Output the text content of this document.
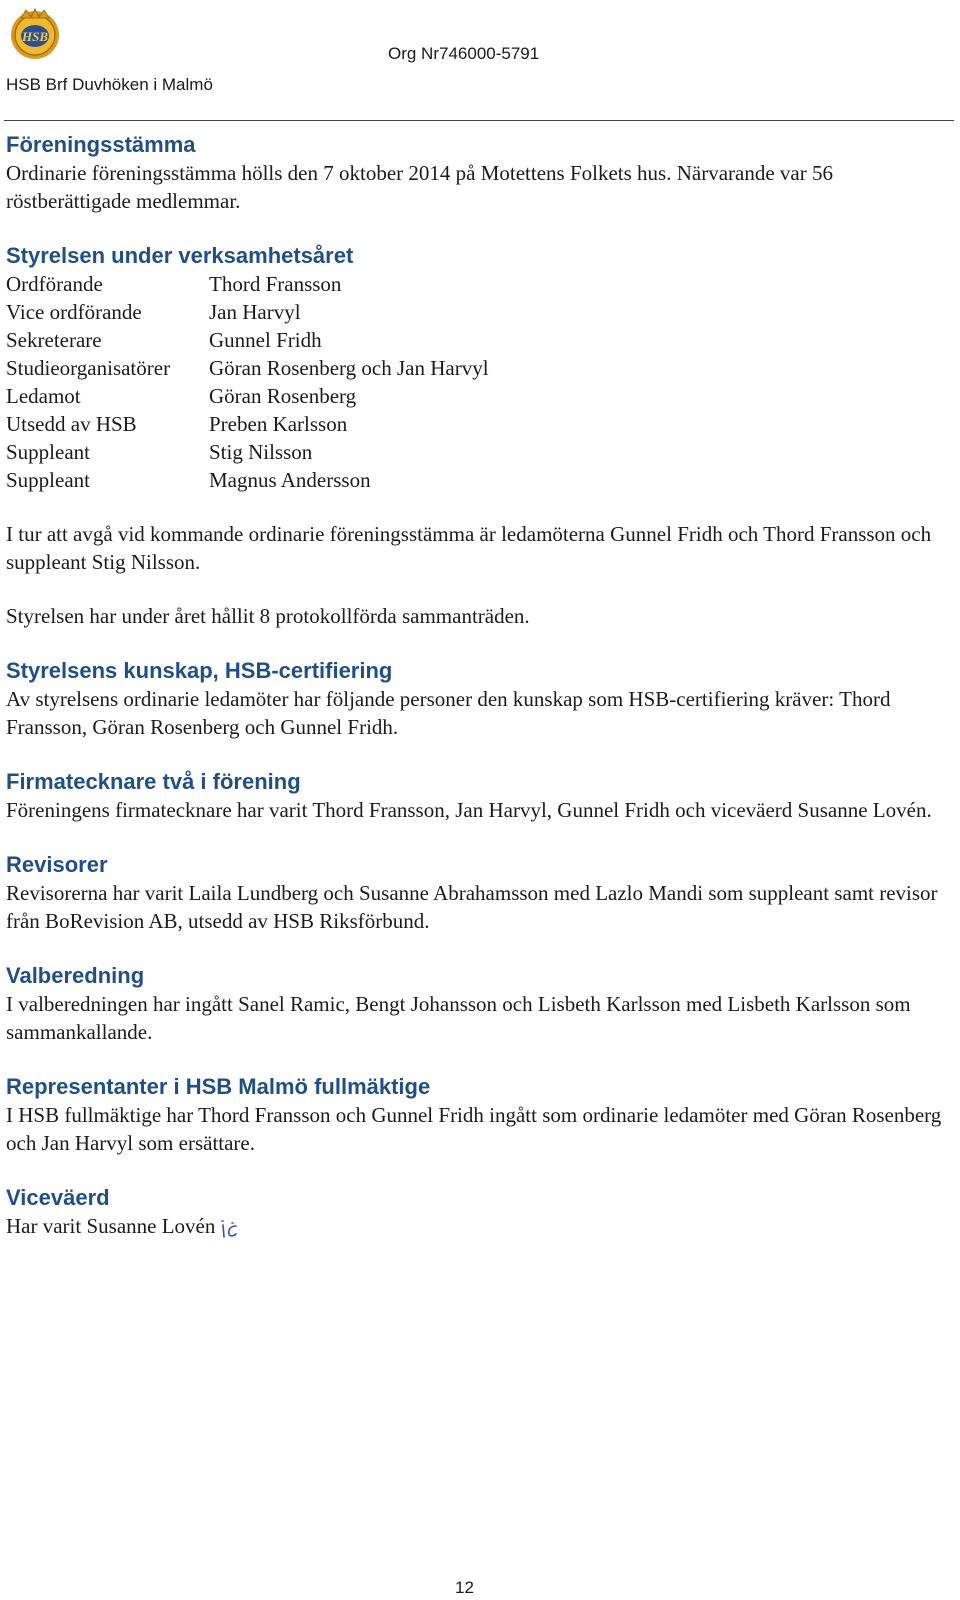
HSB
HSB Brf Duvhöken i Malmö
Org Nr746000-5791
Föreningsstämma

Ordinarie föreningsstämma hölls den 7 oktober 2014 på Motettens Folkets hus. Närvarande var 56 röstberättigade medlemmar.

Styrelsen under verksamhetsåret
Ordförande	Thord Fransson
Vice ordförande	Jan Harvyl
Sekreterare	Gunnel Fridh
Studieorganisatörer	Göran Rosenberg och Jan Harvyl
Ledamot	Göran Rosenberg
Utsedd av HSB	Preben Karlsson
Suppleant	Stig Nilsson
Suppleant	Magnus Andersson

I tur att avgå vid kommande ordinarie föreningsstämma är ledamöterna Gunnel Fridh och Thord Fransson och suppleant Stig Nilsson.

Styrelsen har under året hållit 8 protokollförda sammanträden.

Styrelsens kunskap, HSB-certifiering

Av styrelsens ordinarie ledamöter har följande personer den kunskap som HSB-certifiering kräver: Thord Fransson, Göran Rosenberg och Gunnel Fridh.

Firmatecknare två i förening

Föreningens firmatecknare har varit Thord Fransson, Jan Harvyl, Gunnel Fridh och viceväerd Susanne Lovén.

Revisorer

Revisorerna har varit Laila Lundberg och Susanne Abrahamsson med Lazlo Mandi som suppleant samt revisor från BoRevision AB, utsedd av HSB Riksförbund.

Valberedning

I valberedningen har ingått Sanel Ramic, Bengt Johansson och Lisbeth Karlsson med Lisbeth Karlsson som sammankallande.

Representanter i HSB Malmö fullmäktige

I HSB fullmäktige har Thord Fransson och Gunnel Fridh ingått som ordinarie ledamöter med Göran Rosenberg och Jan Harvyl som ersättare.

Viceväerd

Har varit Susanne Lovén

12
